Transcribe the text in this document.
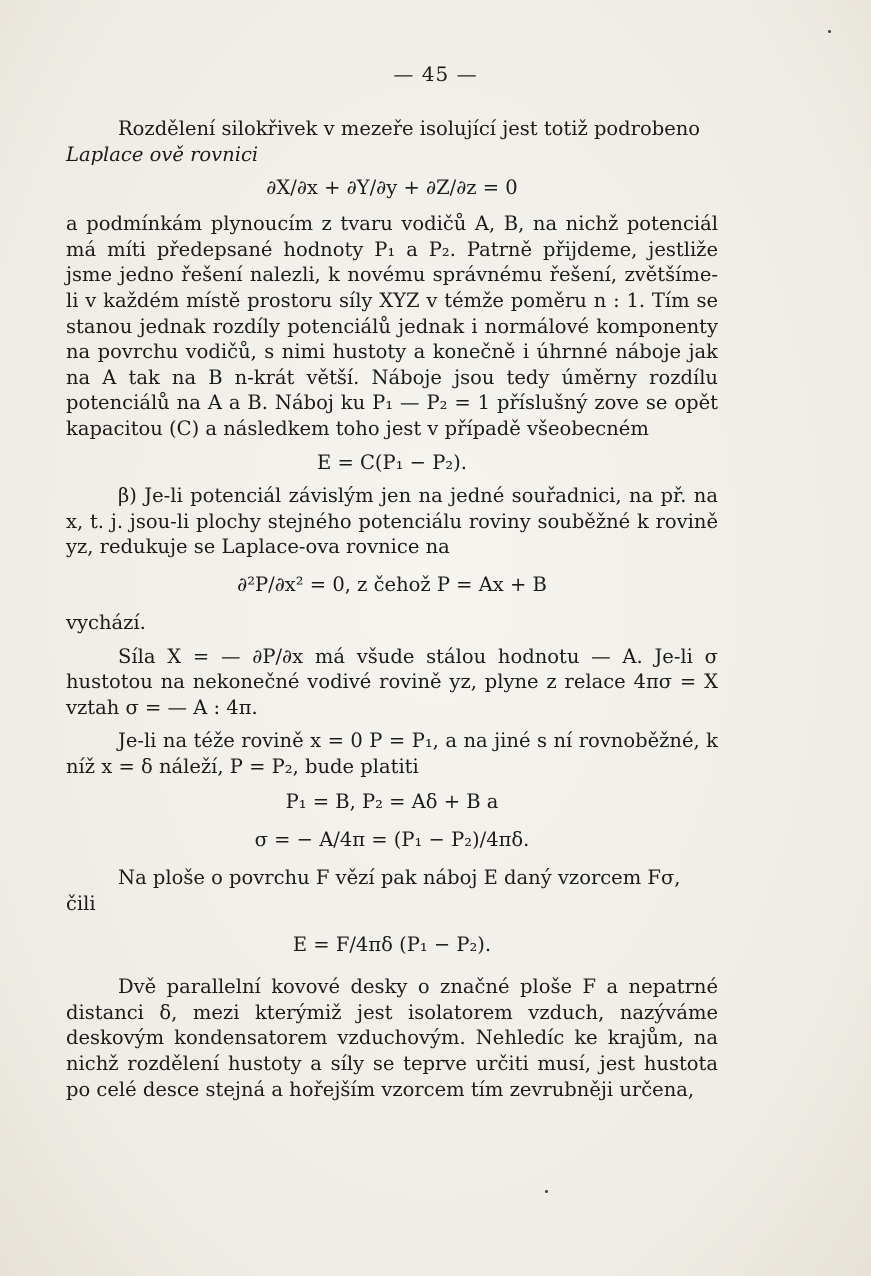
— 45 —

Rozdělení silokřivek v mezeře isolující jest totiž podrobeno

Laplace ově rovnici

∂X/∂x + ∂Y/∂y + ∂Z/∂z = 0

a podmínkám plynoucím z tvaru vodičů A, B, na nichž potenciál má míti předepsané hodnoty P₁ a P₂. Patrně přijdeme, jestliže jsme jedno řešení nalezli, k novému správnému řešení, zvětšíme-li v každém místě prostoru síly XYZ v témže poměru n : 1. Tím se stanou jednak rozdíly potenciálů jednak i normálové komponenty na povrchu vodičů, s nimi hustoty a konečně i úhrnné náboje jak na A tak na B n-krát větší. Náboje jsou tedy úměrny rozdílu potenciálů na A a B. Náboj ku P₁ — P₂ = 1 příslušný zove se opět kapacitou (C) a následkem toho jest v případě všeobecném

E = C(P₁ − P₂).

β) Je-li potenciál závislým jen na jedné souřadnici, na př. na x, t. j. jsou-li plochy stejného potenciálu roviny souběžné k rovině yz, redukuje se Laplace-ova rovnice na

∂²P/∂x² = 0, z čehož P = Ax + B

vychází.

Síla X = — ∂P/∂x má všude stálou hodnotu — A. Je-li σ hustotou na nekonečné vodivé rovině yz, plyne z relace 4πσ = X vztah σ = — A : 4π.

Je-li na téže rovině x = 0 P = P₁, a na jiné s ní rovnoběžné, k níž x = δ náleží, P = P₂, bude platiti

P₁ = B, P₂ = Aδ + B a

σ = − A/4π = (P₁ − P₂)/4πδ.

Na ploše o povrchu F vězí pak náboj E daný vzorcem Fσ,

čili

E = F/4πδ (P₁ − P₂).

Dvě parallelní kovové desky o značné ploše F a nepatrné distanci δ, mezi kterýmiž jest isolatorem vzduch, nazýváme deskovým kondensatorem vzduchovým. Nehledíc ke krajům, na nichž rozdělení hustoty a síly se teprve určiti musí, jest hustota po celé desce stejná a hořejším vzorcem tím zevrubněji určena,
